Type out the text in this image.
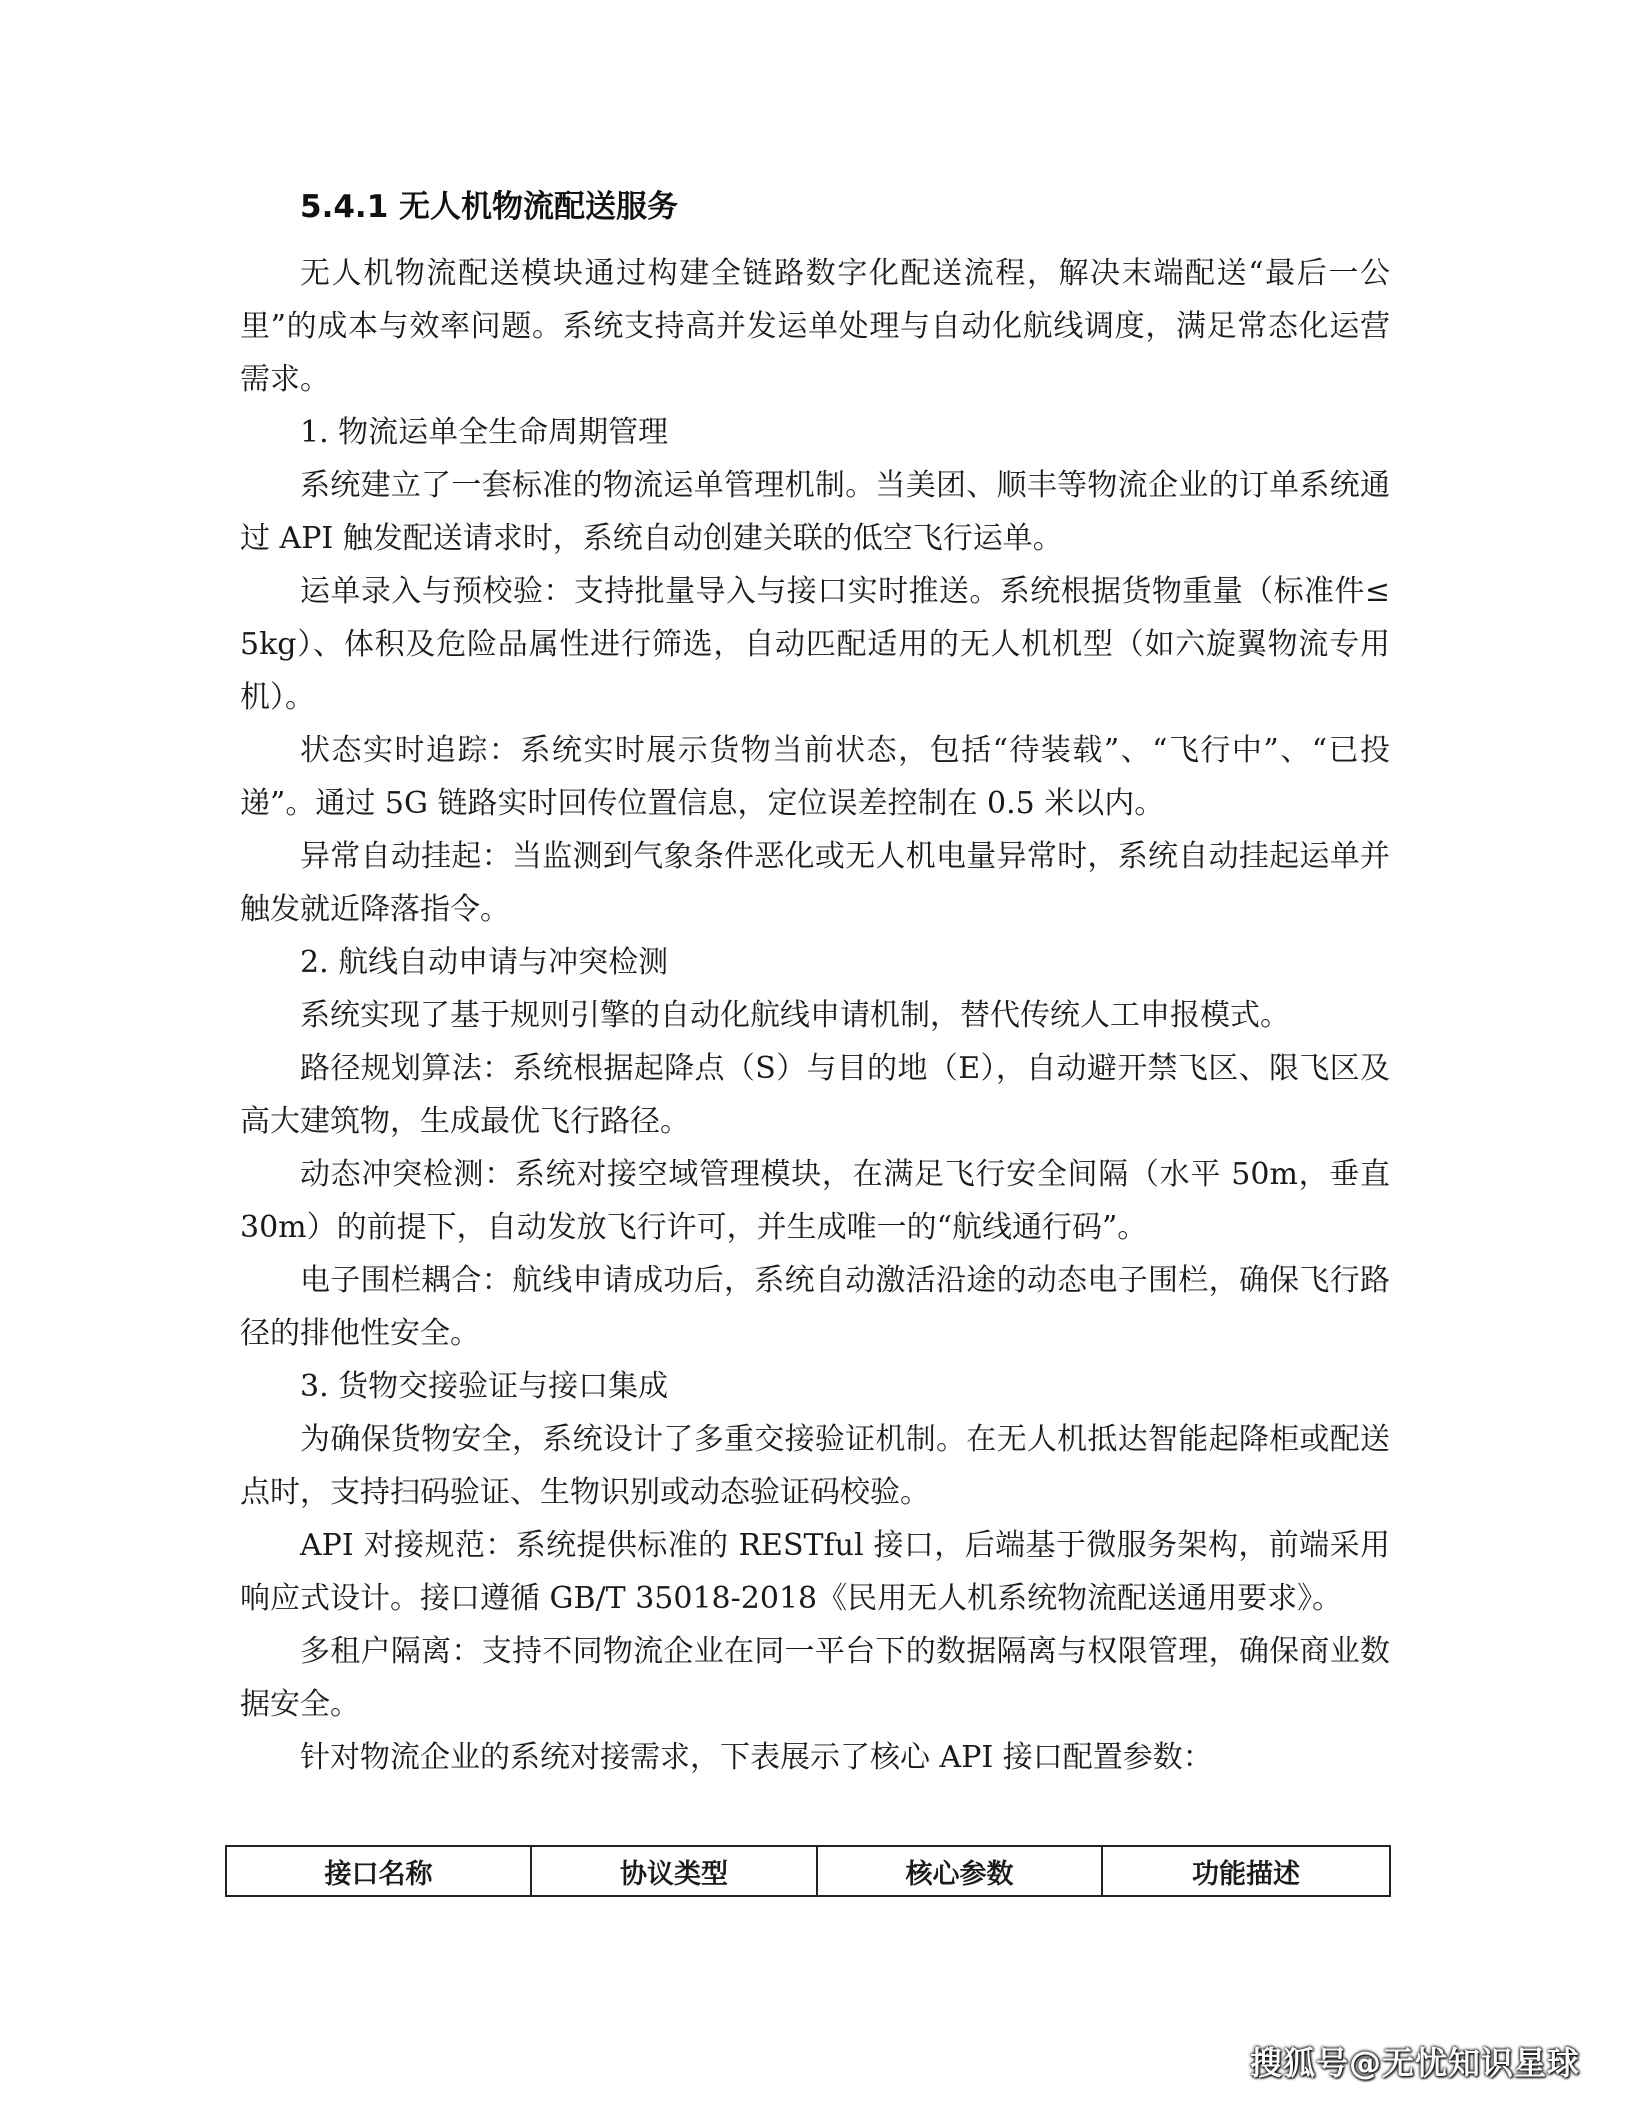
5.4.1 无人机物流配送服务

无人机物流配送模块通过构建全链路数字化配送流程，解决末端配送“最后一公里”的成本与效率问题。系统支持高并发运单处理与自动化航线调度，满足常态化运营需求。

1. 物流运单全生命周期管理

系统建立了一套标准的物流运单管理机制。当美团、顺丰等物流企业的订单系统通过 API 触发配送请求时，系统自动创建关联的低空飞行运单。

运单录入与预校验：支持批量导入与接口实时推送。系统根据货物重量（标准件≤5kg）、体积及危险品属性进行筛选，自动匹配适用的无人机机型（如六旋翼物流专用机）。

状态实时追踪：系统实时展示货物当前状态，包括“待装载”、“飞行中”、“已投递”。通过 5G 链路实时回传位置信息，定位误差控制在 0.5 米以内。

异常自动挂起：当监测到气象条件恶化或无人机电量异常时，系统自动挂起运单并触发就近降落指令。

2. 航线自动申请与冲突检测

系统实现了基于规则引擎的自动化航线申请机制，替代传统人工申报模式。

路径规划算法：系统根据起降点（S）与目的地（E），自动避开禁飞区、限飞区及高大建筑物，生成最优飞行路径。

动态冲突检测：系统对接空域管理模块，在满足飞行安全间隔（水平 50m，垂直 30m）的前提下，自动发放飞行许可，并生成唯一的“航线通行码”。

电子围栏耦合：航线申请成功后，系统自动激活沿途的动态电子围栏，确保飞行路径的排他性安全。

3. 货物交接验证与接口集成

为确保货物安全，系统设计了多重交接验证机制。在无人机抵达智能起降柜或配送点时，支持扫码验证、生物识别或动态验证码校验。

API 对接规范：系统提供标准的 RESTful 接口，后端基于微服务架构，前端采用响应式设计。接口遵循 GB/T 35018-2018《民用无人机系统物流配送通用要求》。

多租户隔离：支持不同物流企业在同一平台下的数据隔离与权限管理，确保商业数据安全。

针对物流企业的系统对接需求，下表展示了核心 API 接口配置参数：

接口名称	协议类型	核心参数	功能描述
搜狐号@无忧知识星球
